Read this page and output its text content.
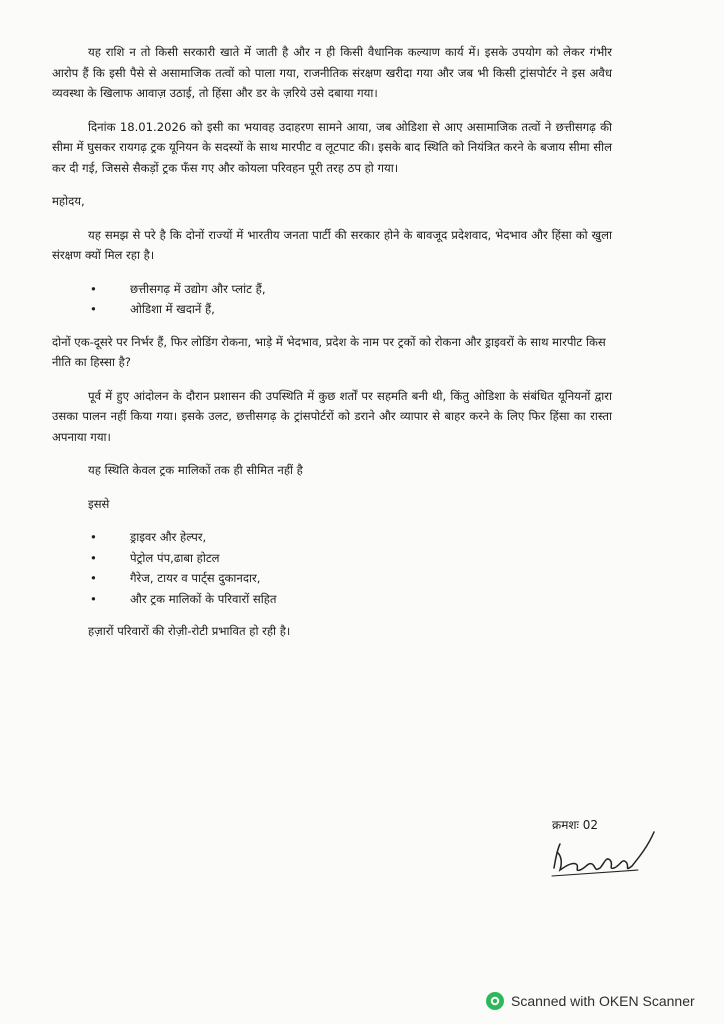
यह राशि न तो किसी सरकारी खाते में जाती है और न ही किसी वैधानिक कल्याण कार्य में। इसके उपयोग को लेकर गंभीर आरोप हैं कि इसी पैसे से असामाजिक तत्वों को पाला गया, राजनीतिक संरक्षण खरीदा गया और जब भी किसी ट्रांसपोर्टर ने इस अवैध व्यवस्था के खिलाफ आवाज़ उठाई, तो हिंसा और डर के ज़रिये उसे दबाया गया।

दिनांक 18.01.2026 को इसी का भयावह उदाहरण सामने आया, जब ओडिशा से आए असामाजिक तत्वों ने छत्तीसगढ़ की सीमा में घुसकर रायगढ़ ट्रक यूनियन के सदस्यों के साथ मारपीट व लूटपाट की। इसके बाद स्थिति को नियंत्रित करने के बजाय सीमा सील कर दी गई, जिससे सैकड़ों ट्रक फँस गए और कोयला परिवहन पूरी तरह ठप हो गया।

महोदय,

यह समझ से परे है कि दोनों राज्यों में भारतीय जनता पार्टी की सरकार होने के बावजूद प्रदेशवाद, भेदभाव और हिंसा को खुला संरक्षण क्यों मिल रहा है।

•	छत्तीसगढ़ में उद्योग और प्लांट हैं,
•	ओडिशा में खदानें हैं,

दोनों एक-दूसरे पर निर्भर हैं, फिर लोडिंग रोकना, भाड़े में भेदभाव, प्रदेश के नाम पर ट्रकों को रोकना और ड्राइवरों के साथ मारपीट किस नीति का हिस्सा है?

पूर्व में हुए आंदोलन के दौरान प्रशासन की उपस्थिति में कुछ शर्तों पर सहमति बनी थी, किंतु ओडिशा के संबंधित यूनियनों द्वारा उसका पालन नहीं किया गया। इसके उलट, छत्तीसगढ़ के ट्रांसपोर्टरों को डराने और व्यापार से बाहर करने के लिए फिर हिंसा का रास्ता अपनाया गया।

यह स्थिति केवल ट्रक मालिकों तक ही सीमित नहीं है

इससे

•	ड्राइवर और हेल्पर,
•	पेट्रोल पंप,ढाबा होटल
•	गैरेज, टायर व पार्ट्स दुकानदार,
•	और ट्रक मालिकों के परिवारों सहित

हज़ारों परिवारों की रोज़ी-रोटी प्रभावित हो रही है।

क्रमशः 02
Scanned with OKEN Scanner
